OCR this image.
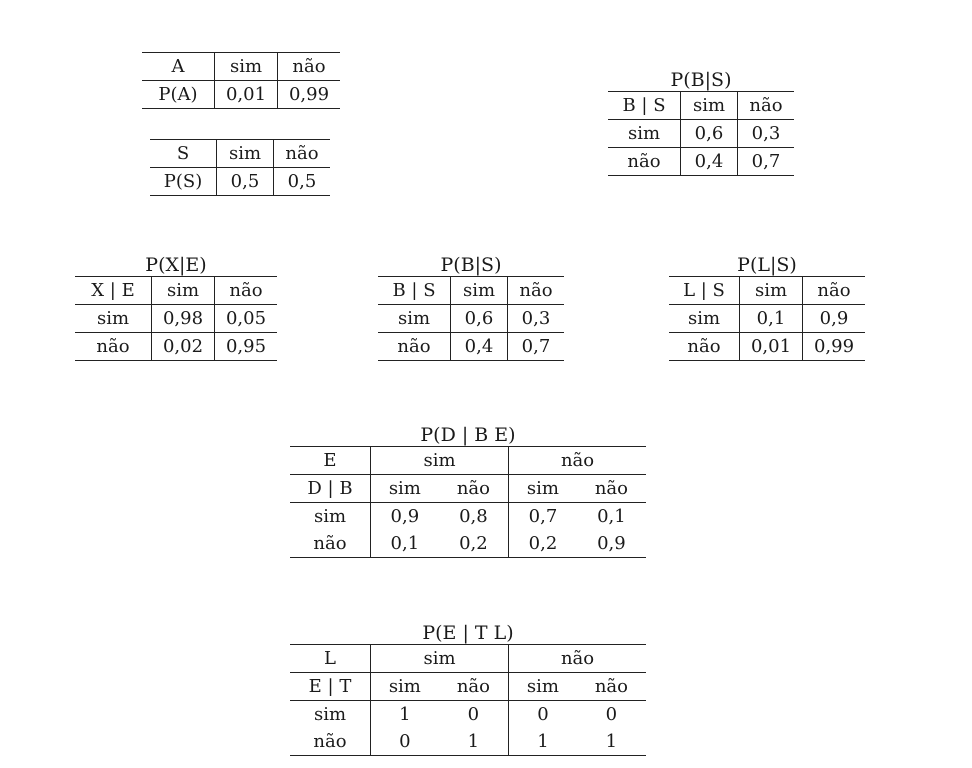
A	sim	não
P(A)	0,01	0,99
S	sim	não
P(S)	0,5	0,5
P(B|S)
B | S	sim	não
sim	0,6	0,3
não	0,4	0,7
P(X|E)
X | E	sim	não
sim	0,98	0,05
não	0,02	0,95
P(B|S)
B | S	sim	não
sim	0,6	0,3
não	0,4	0,7
P(L|S)
L | S	sim	não
sim	0,1	0,9
não	0,01	0,99
P(D | B E)
E	sim		não	
D | B	sim	não	sim	não
sim	0,9	0,8	0,7	0,1
não	0,1	0,2	0,2	0,9
P(E | T L)
L	sim		não	
E | T	sim	não	sim	não
sim	1	0	0	0
não	0	1	1	1
